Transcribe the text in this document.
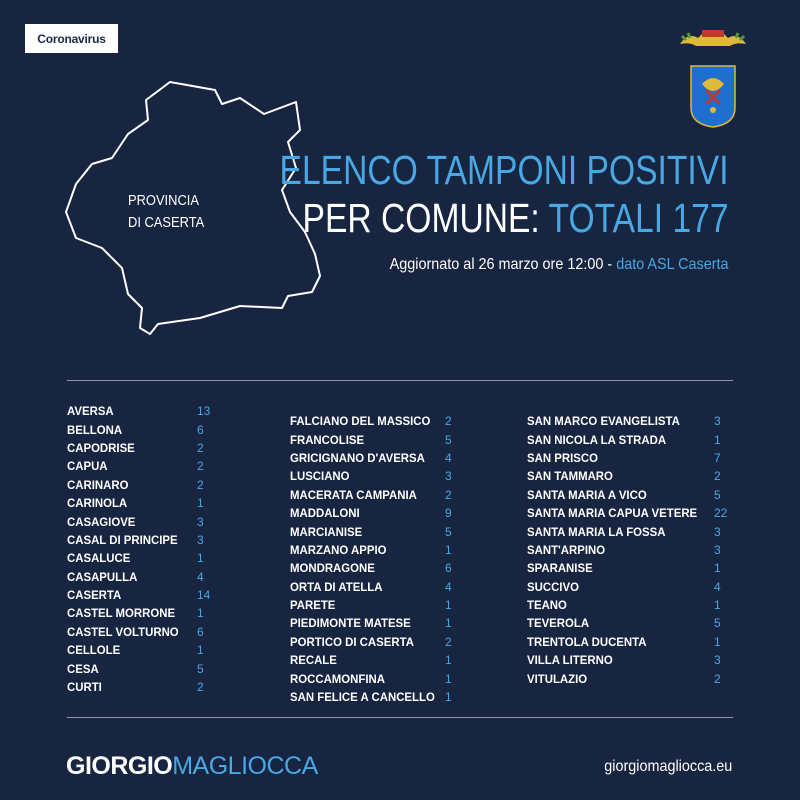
Coronavirus
PROVINCIA
DI CASERTA
ELENCO TAMPONI POSITIVI
PER COMUNE: TOTALI 177
Aggiornato al 26 marzo ore 12:00 - dato ASL Caserta
AVERSA	13
BELLONA	6
CAPODRISE	2
CAPUA	2
CARINARO	2
CARINOLA	1
CASAGIOVE	3
CASAL DI PRINCIPE 3
CASALUCE	1
CASAPULLA	4
CASERTA	14
CASTEL MORRONE 1
CASTEL VOLTURNO 6
CELLOLE	1
CESA	5
CURTI	2
FALCIANO DEL MASSICO 2
FRANCOLISE	5
GRICIGNANO D'AVERSA 4
LUSCIANO	3
MACERATA CAMPANIA 2
MADDALONI	9
MARCIANISE	5
MARZANO APPIO	1
MONDRAGONE	6
ORTA DI ATELLA	4
PARETE	1
PIEDIMONTE MATESE	1
PORTICO DI CASERTA	2
RECALE	1
ROCCAMONFINA	1
SAN FELICE A CANCELLO 1
SAN MARCO EVANGELISTA	3
SAN NICOLA LA STRADA	1
SAN PRISCO	7
SAN TAMMARO	2
SANTA MARIA A VICO	5
SANTA MARIA CAPUA VETERE 22
SANTA MARIA LA FOSSA	3
SANT'ARPINO	3
SPARANISE	1
SUCCIVO	4
TEANO	1
TEVEROLA	5
TRENTOLA DUCENTA	1
VILLA LITERNO	3
VITULAZIO	2
GIORGIOMAGLIOCCA	giorgiomagliocca.eu
